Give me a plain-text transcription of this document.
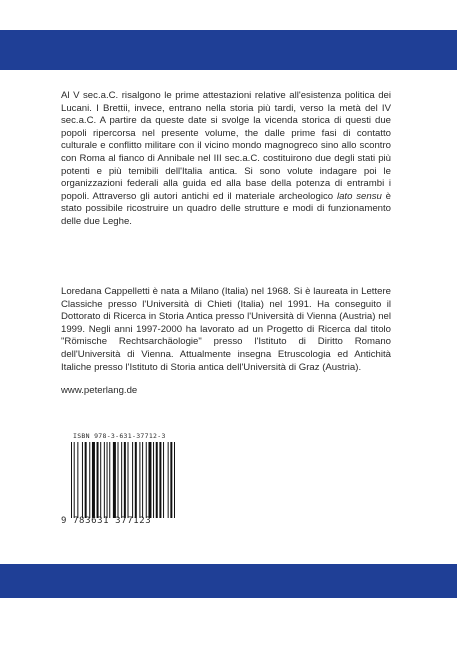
Al V sec.a.C. risalgono le prime attestazioni relative all'esistenza politica dei Lucani. I Brettii, invece, entrano nella storia più tardi, verso la metà del IV sec.a.C. A partire da queste date si svolge la vicenda storica di questi due popoli ripercorsa nel presente volume, the dalle prime fasi di contatto culturale e conflitto militare con il vicino mondo magnogreco sino allo scontro con Roma al fianco di Annibale nel III sec.a.C. costituirono due degli stati più potenti e più temibili dell'Italia antica. Si sono volute indagare poi le organizzazioni federali alla guida ed alla base della potenza di entrambi i popoli. Attraverso gli autori antichi ed il materiale archeologico lato sensu è stato possibile ricostruire un quadro delle strutture e modi di funzionamento delle due Leghe.

Loredana Cappelletti è nata a Milano (Italia) nel 1968. Si è laureata in Lettere Classiche presso l'Università di Chieti (Italia) nel 1991. Ha conseguito il Dottorato di Ricerca in Storia Antica presso l'Università di Vienna (Austria) nel 1999. Negli anni 1997-2000 ha lavorato ad un Progetto di Ricerca dal titolo "Römische Rechtsarchäologie" presso l'Istituto di Diritto Romano dell'Università di Vienna. Attualmente insegna Etruscologia ed Antichità Italiche presso l'Istituto di Storia antica dell'Università di Graz (Austria).

www.peterlang.de
ISBN 978-3-631-37712-3
9 783631 377123
